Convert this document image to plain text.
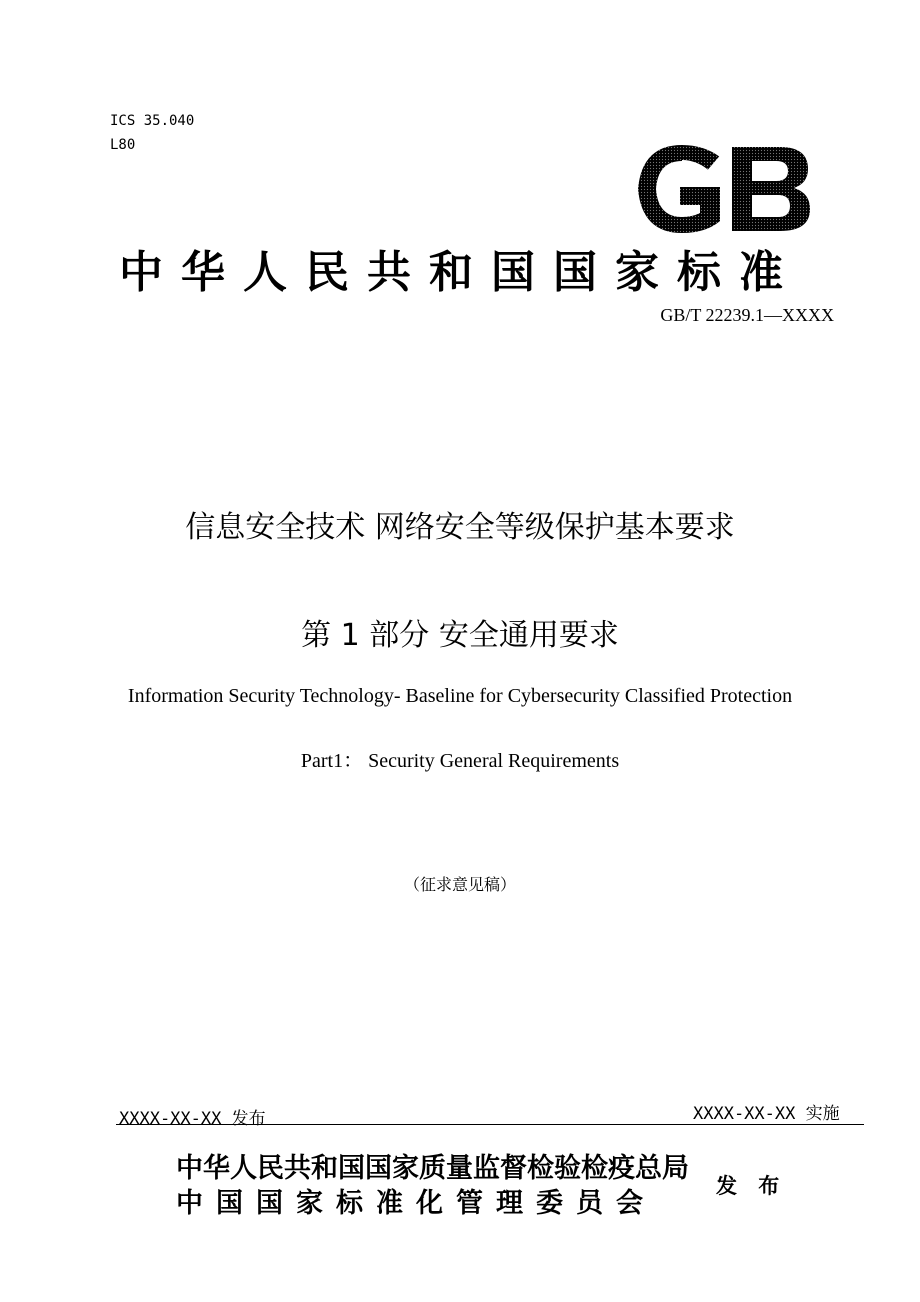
ICS 35.040
L80
中华人民共和国国家标准
GB/T 22239.1—XXXX
信息安全技术 网络安全等级保护基本要求
第 1 部分 安全通用要求
Information Security Technology- Baseline for Cybersecurity Classified Protection
Part1： Security General Requirements
（征求意见稿）
XXXX-XX-XX 发布	XXXX-XX-XX 实施
中华人民共和国国家质量监督检验检疫总局
中国国家标准化管理委员会
发 布
